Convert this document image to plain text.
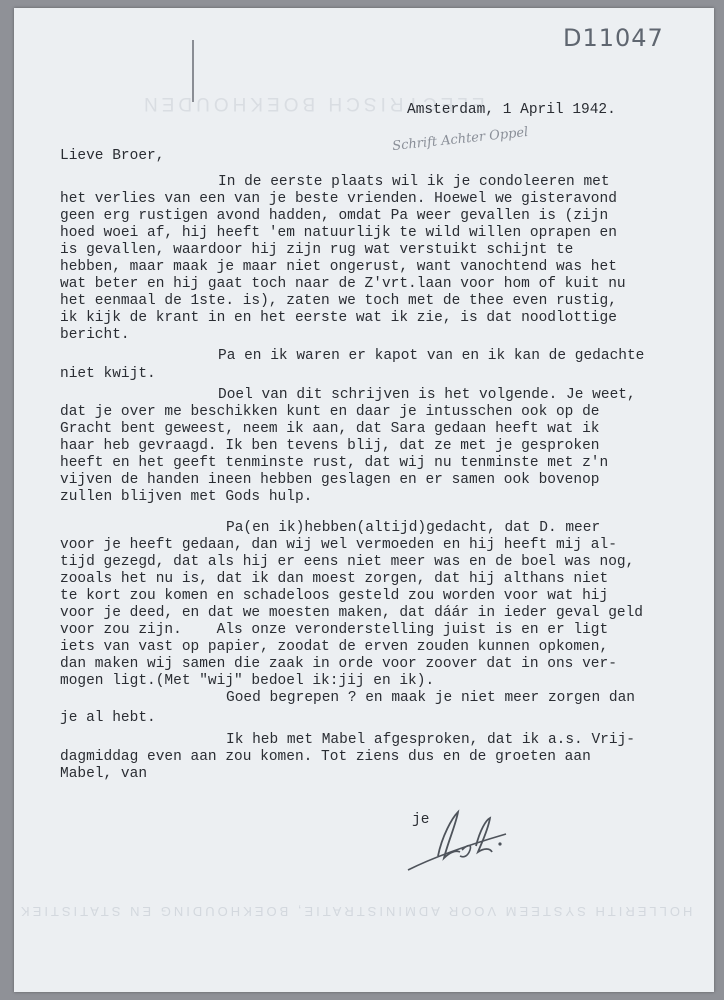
D11047
ELECTRISCH BOEKHOUDEN
HOLLERITH SYSTEEM VOOR ADMINISTRATIE, BOEKHOUDING EN STATISTIEK
Amsterdam, 1 April 1942.
Schrift Achter Oppel
Lieve Broer,
In de eerste plaats wil ik je condoleeren met
het verlies van een van je beste vrienden. Hoewel we gisteravond
geen erg rustigen avond hadden, omdat Pa weer gevallen is (zijn
hoed woei af, hij heeft 'em natuurlijk te wild willen oprapen en
is gevallen, waardoor hij zijn rug wat verstuikt schijnt te
hebben, maar maak je maar niet ongerust, want vanochtend was het
wat beter en hij gaat toch naar de Z'vrt.laan voor hom of kuit nu
het eenmaal de 1ste. is), zaten we toch met de thee even rustig,
ik kijk de krant in en het eerste wat ik zie, is dat noodlottige
bericht.
Pa en ik waren er kapot van en ik kan de gedachte
niet kwijt.
Doel van dit schrijven is het volgende. Je weet,
dat je over me beschikken kunt en daar je intusschen ook op de
Gracht bent geweest, neem ik aan, dat Sara gedaan heeft wat ik
haar heb gevraagd. Ik ben tevens blij, dat ze met je gesproken
heeft en het geeft tenminste rust, dat wij nu tenminste met z'n
vijven de handen ineen hebben geslagen en er samen ook bovenop
zullen blijven met Gods hulp.
Pa(en ik)hebben(altijd)gedacht, dat D. meer
voor je heeft gedaan, dan wij wel vermoeden en hij heeft mij al-
tijd gezegd, dat als hij er eens niet meer was en de boel was nog,
zooals het nu is, dat ik dan moest zorgen, dat hij althans niet
te kort zou komen en schadeloos gesteld zou worden voor wat hij
voor je deed, en dat we moesten maken, dat dáár in ieder geval geld
voor zou zijn.    Als onze veronderstelling juist is en er ligt
iets van vast op papier, zoodat de erven zouden kunnen opkomen,
dan maken wij samen die zaak in orde voor zoover dat in ons ver-
mogen ligt.(Met "wij" bedoel ik:jij en ik).
Goed begrepen ? en maak je niet meer zorgen dan
je al hebt.
Ik heb met Mabel afgesproken, dat ik a.s. Vrij-
dagmiddag even aan zou komen. Tot ziens dus en de groeten aan
Mabel, van
je
